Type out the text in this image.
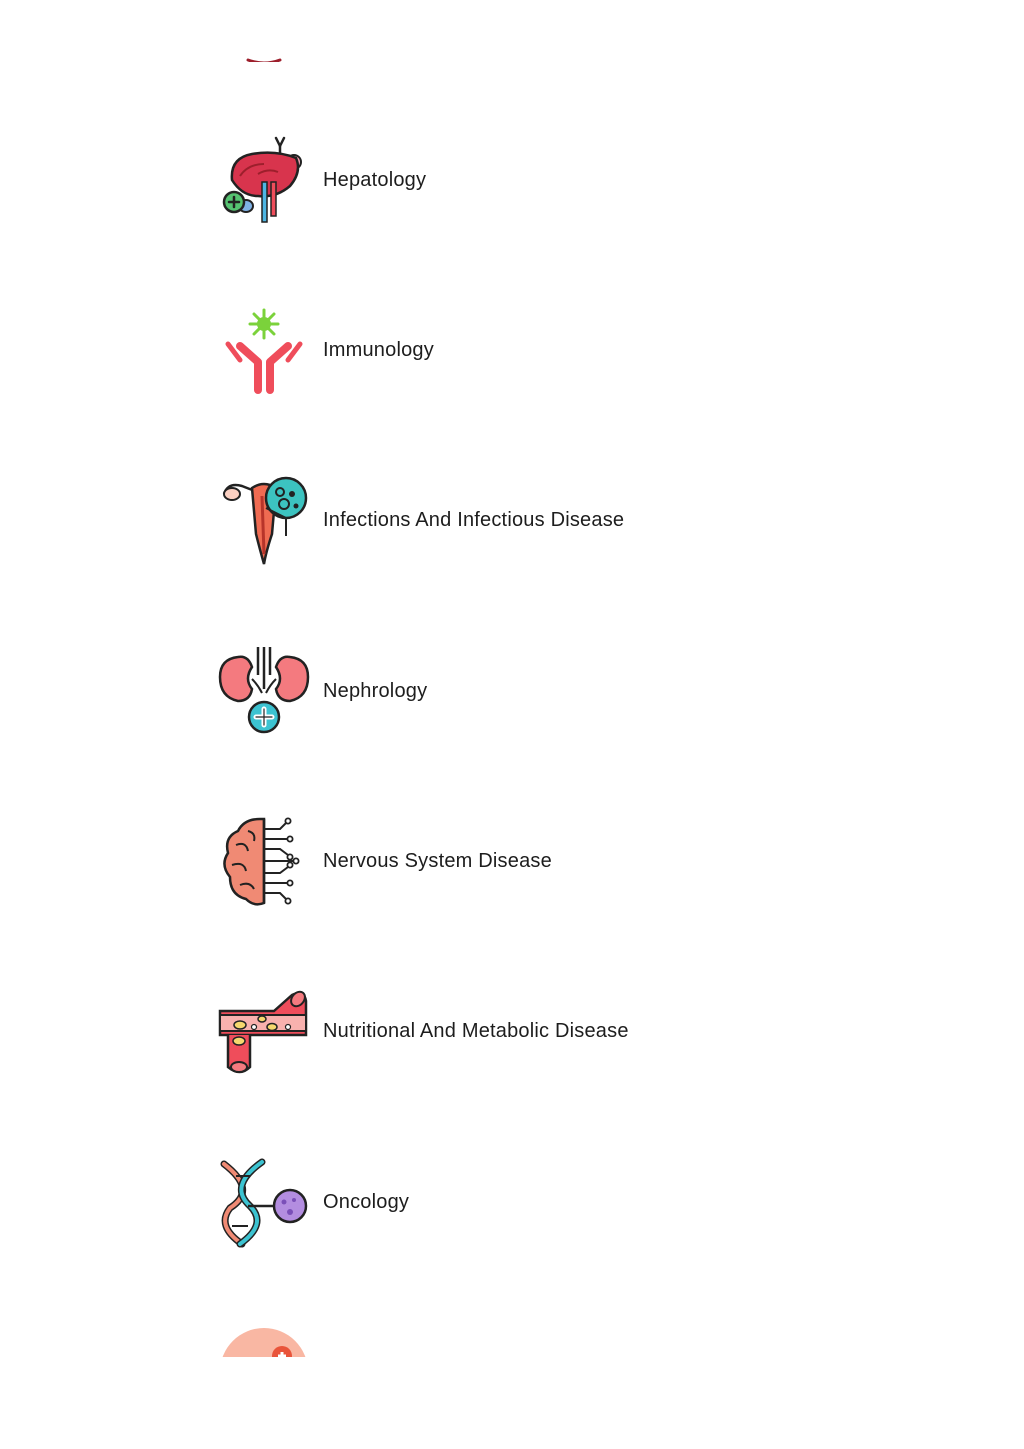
Hepatology
Immunology
Infections And Infectious Disease
Nephrology
Nervous System Disease
Nutritional And Metabolic Disease
Oncology
